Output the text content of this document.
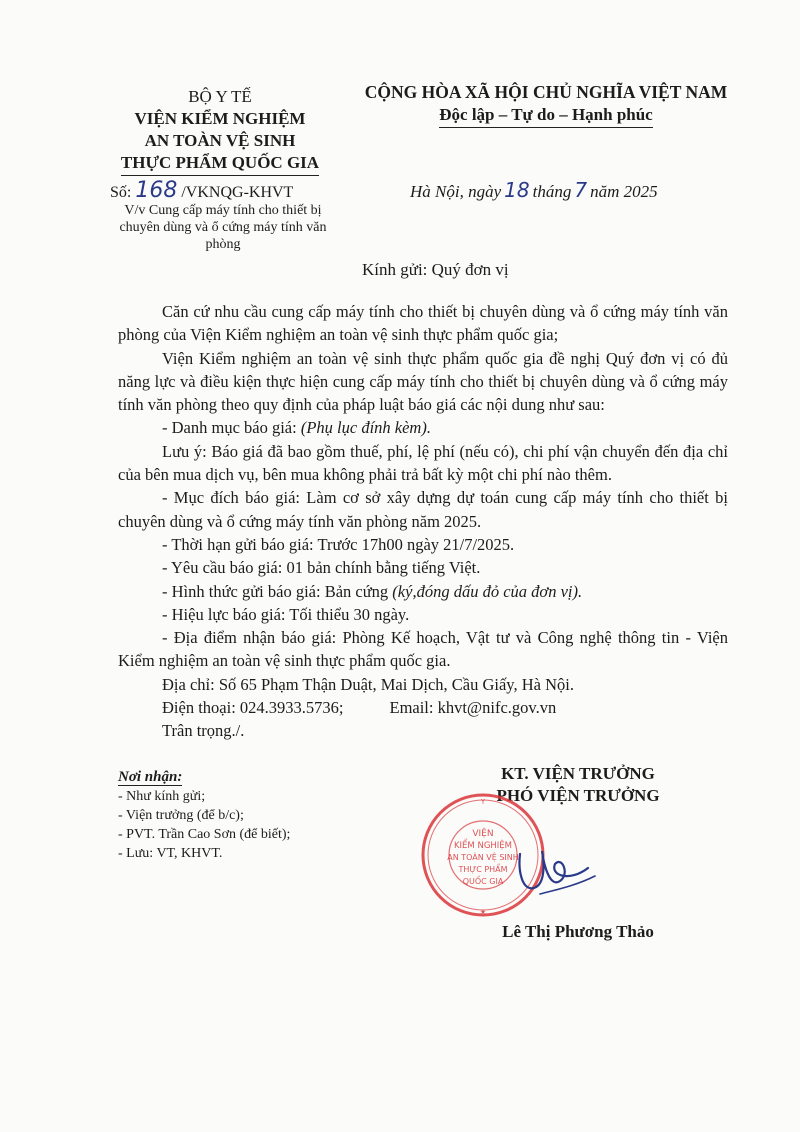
BỘ Y TẾ
VIỆN KIỂM NGHIỆM
AN TOÀN VỆ SINH
THỰC PHẨM QUỐC GIA
Số: 168 /VKNQG-KHVT
V/v Cung cấp máy tính cho thiết bị
chuyên dùng và ổ cứng máy tính văn
phòng
CỘNG HÒA XÃ HỘI CHỦ NGHĨA VIỆT NAM
Độc lập – Tự do – Hạnh phúc
Hà Nội, ngày 18 tháng 7 năm 2025
Kính gửi: Quý đơn vị

Căn cứ nhu cầu cung cấp máy tính cho thiết bị chuyên dùng và ổ cứng máy tính văn phòng của Viện Kiểm nghiệm an toàn vệ sinh thực phẩm quốc gia;

Viện Kiểm nghiệm an toàn vệ sinh thực phẩm quốc gia đề nghị Quý đơn vị có đủ năng lực và điều kiện thực hiện cung cấp máy tính cho thiết bị chuyên dùng và ổ cứng máy tính văn phòng theo quy định của pháp luật báo giá các nội dung như sau:

- Danh mục báo giá: (Phụ lục đính kèm).

Lưu ý: Báo giá đã bao gồm thuế, phí, lệ phí (nếu có), chi phí vận chuyển đến địa chỉ của bên mua dịch vụ, bên mua không phải trả bất kỳ một chi phí nào thêm.

- Mục đích báo giá: Làm cơ sở xây dựng dự toán cung cấp máy tính cho thiết bị chuyên dùng và ổ cứng máy tính văn phòng năm 2025.

- Thời hạn gửi báo giá: Trước 17h00 ngày 21/7/2025.

- Yêu cầu báo giá: 01 bản chính bằng tiếng Việt.

- Hình thức gửi báo giá: Bản cứng (ký,đóng dấu đỏ của đơn vị).

- Hiệu lực báo giá: Tối thiểu 30 ngày.

- Địa điểm nhận báo giá: Phòng Kế hoạch, Vật tư và Công nghệ thông tin - Viện Kiểm nghiệm an toàn vệ sinh thực phẩm quốc gia.

Địa chỉ: Số 65 Phạm Thận Duật, Mai Dịch, Cầu Giấy, Hà Nội.

Điện thoại: 024.3933.5736;	Email: khvt@nifc.gov.vn

Trân trọng./.

Nơi nhận:
- Như kính gửi;
- Viện trưởng (để b/c);
- PVT. Trần Cao Sơn (để biết);
- Lưu: VT, KHVT.
KT. VIỆN TRƯỞNG
PHÓ VIỆN TRƯỞNG
VIỆN
KIỂM NGHIỆM
AN TOÀN VỆ SINH
THỰC PHẨM
QUỐC GIA
Y
★
Lê Thị Phương Thảo
